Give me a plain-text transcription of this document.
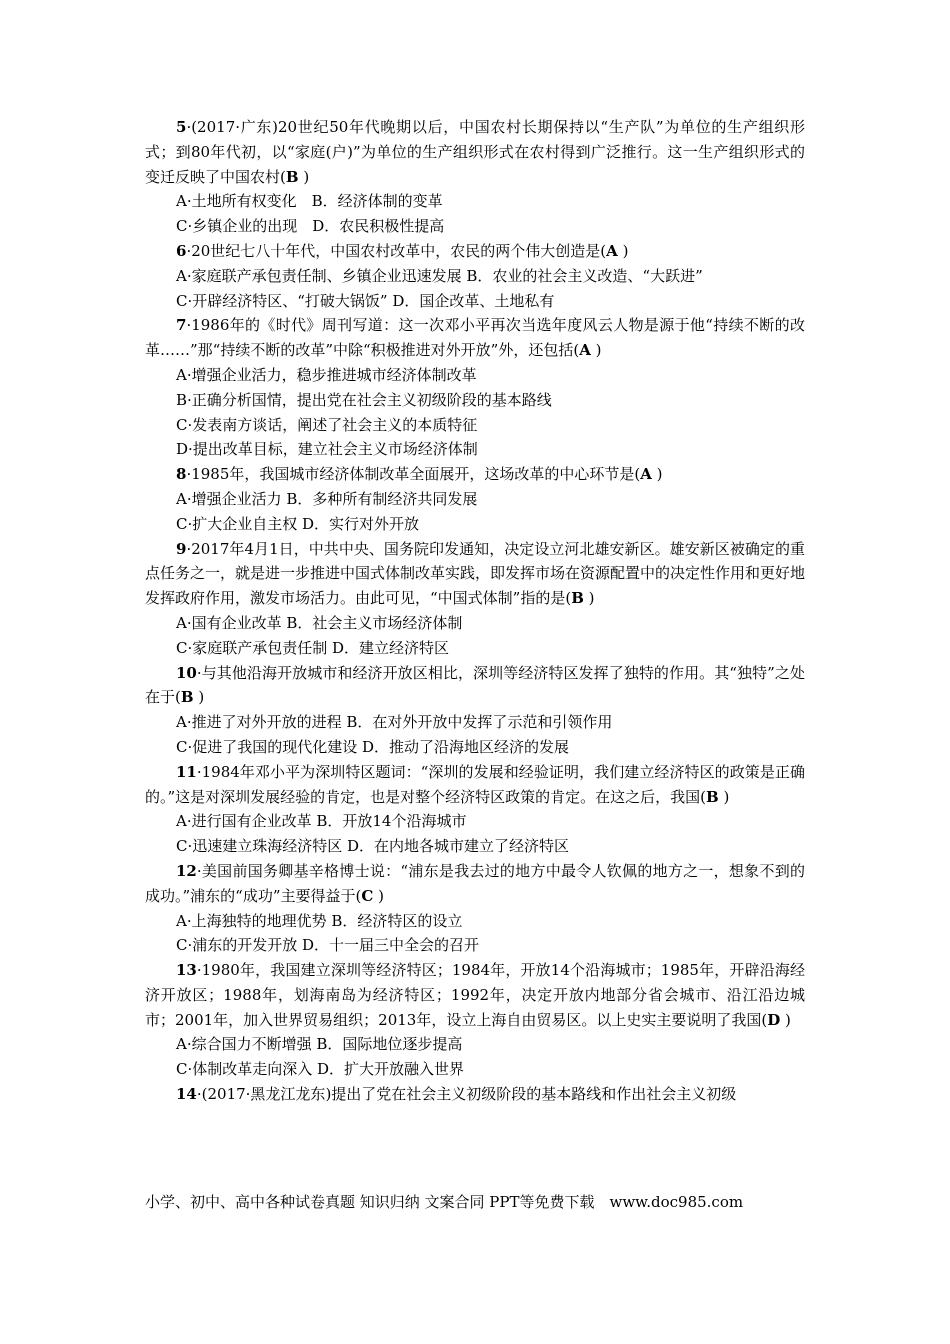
5·(2017·广东)20世纪50年代晚期以后，中国农村长期保持以“生产队”为单位的生产组织形式；到80年代初，以“家庭(户)”为单位的生产组织形式在农村得到广泛推行。这一生产组织形式的变迁反映了中国农村(B )

A·土地所有权变化　B．经济体制的变革

C·乡镇企业的出现　D．农民积极性提高

6·20世纪七八十年代，中国农村改革中，农民的两个伟大创造是(A )

A·家庭联产承包责任制、乡镇企业迅速发展 B．农业的社会主义改造、“大跃进”

C·开辟经济特区、“打破大锅饭” D．国企改革、土地私有

7·1986年的《时代》周刊写道：这一次邓小平再次当选年度风云人物是源于他“持续不断的改革……”那“持续不断的改革”中除“积极推进对外开放”外，还包括(A )

A·增强企业活力，稳步推进城市经济体制改革

B·正确分析国情，提出党在社会主义初级阶段的基本路线

C·发表南方谈话，阐述了社会主义的本质特征

D·提出改革目标，建立社会主义市场经济体制

8·1985年，我国城市经济体制改革全面展开，这场改革的中心环节是(A )

A·增强企业活力 B．多种所有制经济共同发展

C·扩大企业自主权 D．实行对外开放

9·2017年4月1日，中共中央、国务院印发通知，决定设立河北雄安新区。雄安新区被确定的重点任务之一，就是进一步推进中国式体制改革实践，即发挥市场在资源配置中的决定性作用和更好地发挥政府作用，激发市场活力。由此可见，“中国式体制”指的是(B )

A·国有企业改革 B．社会主义市场经济体制

C·家庭联产承包责任制 D．建立经济特区

10·与其他沿海开放城市和经济开放区相比，深圳等经济特区发挥了独特的作用。其“独特”之处在于(B )

A·推进了对外开放的进程 B．在对外开放中发挥了示范和引领作用

C·促进了我国的现代化建设 D．推动了沿海地区经济的发展

11·1984年邓小平为深圳特区题词：“深圳的发展和经验证明，我们建立经济特区的政策是正确的。”这是对深圳发展经验的肯定，也是对整个经济特区政策的肯定。在这之后，我国(B )

A·进行国有企业改革 B．开放14个沿海城市

C·迅速建立珠海经济特区 D．在内地各城市建立了经济特区

12·美国前国务卿基辛格博士说：“浦东是我去过的地方中最令人钦佩的地方之一，想象不到的成功。”浦东的“成功”主要得益于(C )

A·上海独特的地理优势 B．经济特区的设立

C·浦东的开发开放 D．十一届三中全会的召开

13·1980年，我国建立深圳等经济特区；1984年，开放14个沿海城市；1985年，开辟沿海经济开放区；1988年，划海南岛为经济特区；1992年，决定开放内地部分省会城市、沿江沿边城市；2001年，加入世界贸易组织；2013年，设立上海自由贸易区。以上史实主要说明了我国(D )

A·综合国力不断增强 B．国际地位逐步提高

C·体制改革走向深入 D．扩大开放融入世界

14·(2017·黑龙江龙东)提出了党在社会主义初级阶段的基本路线和作出社会主义初级

小学、初中、高中各种试卷真题 知识归纳 文案合同 PPT等免费下载　www.doc985.com
